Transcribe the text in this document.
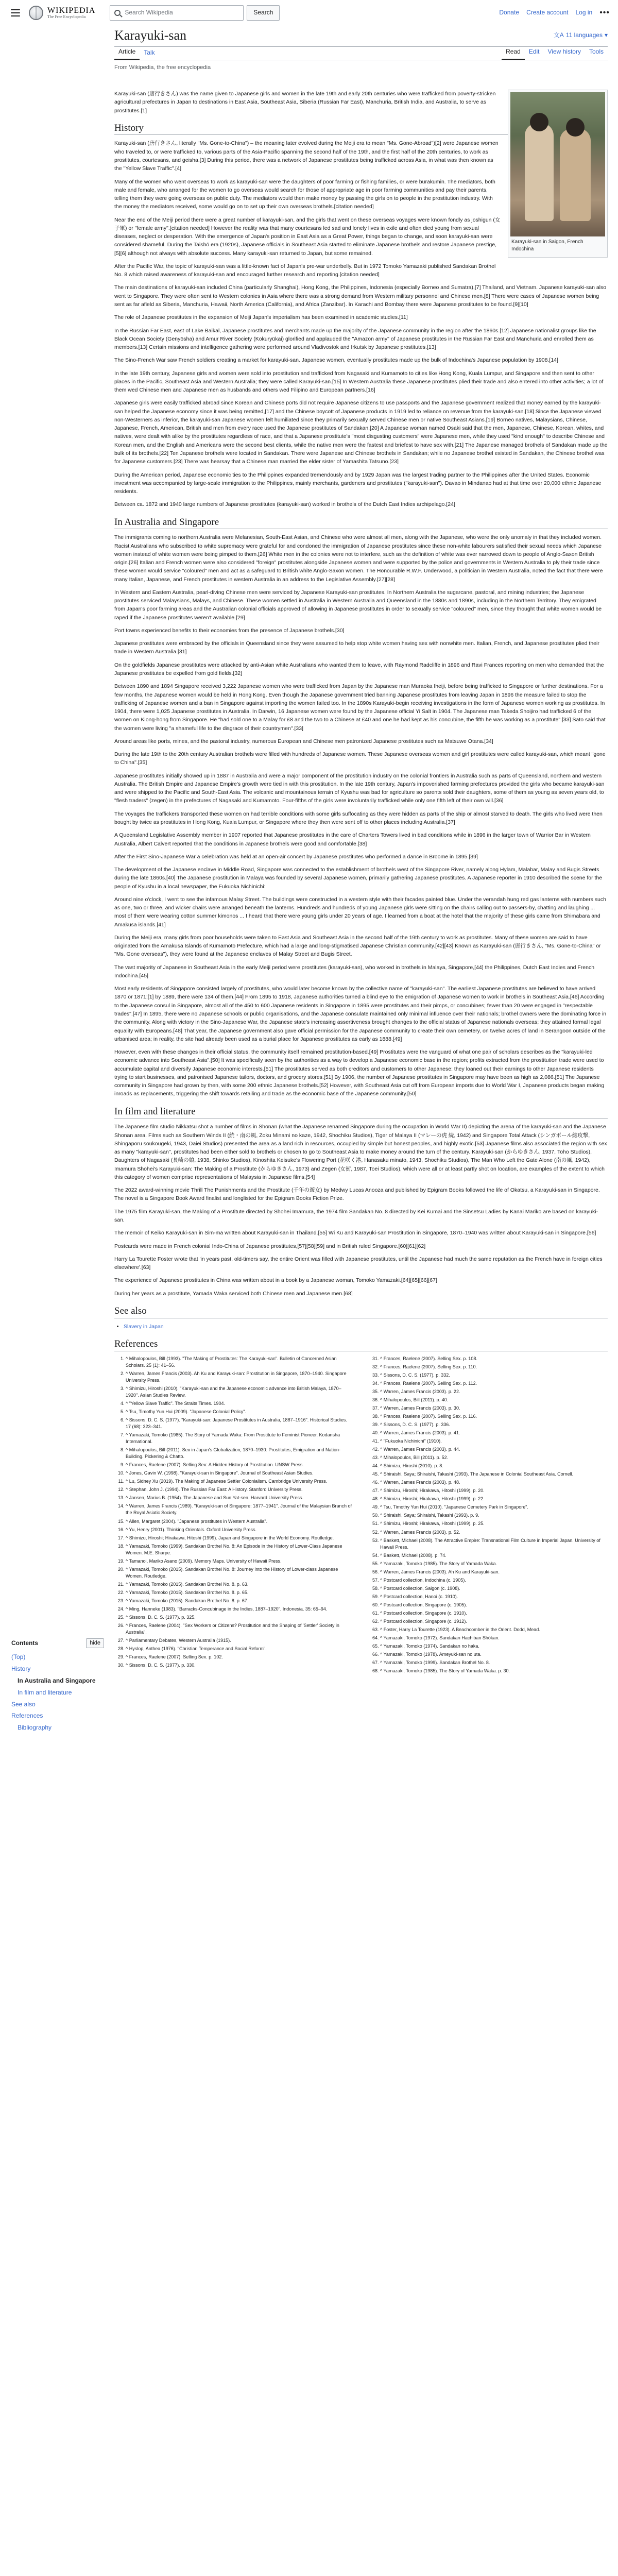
WIKIPEDIA
The Free Encyclopedia
Search Wikipedia	Search	Donate Create account Log in •••
Karayuki-san	文A 11 languages ▾
Article	Talk	Read	Edit	View history	Tools
From Wikipedia, the free encyclopedia
Contents	hide
(Top)
History
In Australia and Singapore
In film and literature
See also
References
Bibliography
Karayuki-san in Saigon, French Indochina

Karayuki-san (唐行きさん) was the name given to Japanese girls and women in the late 19th and early 20th centuries who were trafficked from poverty-stricken agricultural prefectures in Japan to destinations in East Asia, Southeast Asia, Siberia (Russian Far East), Manchuria, British India, and Australia, to serve as prostitutes.[1]

History

Karayuki-san (唐行きさん, literally "Ms. Gone-to-China") – the meaning later evolved during the Meiji era to mean "Ms. Gone-Abroad")[2] were Japanese women who traveled to, or were trafficked to, various parts of the Asia-Pacific spanning the second half of the 19th, and the first half of the 20th centuries, to work as prostitutes, courtesans, and geisha.[3] During this period, there was a network of Japanese prostitutes being trafficked across Asia, in what was then known as the "Yellow Slave Traffic".[4]

Many of the women who went overseas to work as karayuki-san were the daughters of poor farming or fishing families, or were burakumin. The mediators, both male and female, who arranged for the women to go overseas would search for those of appropriate age in poor farming communities and pay their parents, telling them they were going overseas on public duty. The mediators would then make money by passing the girls on to people in the prostitution industry. With the money the mediators received, some would go on to set up their own overseas brothels.[citation needed]

Near the end of the Meiji period there were a great number of karayuki-san, and the girls that went on these overseas voyages were known fondly as joshigun (女子軍) or "female army".[citation needed] However the reality was that many courtesans led sad and lonely lives in exile and often died young from sexual diseases, neglect or desperation. With the emergence of Japan's position in East Asia as a Great Power, things began to change, and soon karayuki-san were considered shameful. During the Taishō era (1920s), Japanese officials in Southeast Asia started to eliminate Japanese brothels and restore Japanese prestige,[5][6] although not always with absolute success. Many karayuki-san returned to Japan, but some remained.

After the Pacific War, the topic of karayuki-san was a little-known fact of Japan's pre-war underbelly. But in 1972 Tomoko Yamazaki published Sandakan Brothel No. 8 which raised awareness of karayuki-san and encouraged further research and reporting.[citation needed]

The main destinations of karayuki-san included China (particularly Shanghai), Hong Kong, the Philippines, Indonesia (especially Borneo and Sumatra),[7] Thailand, and Vietnam. Japanese karayuki-san also went to Singapore. They were often sent to Western colonies in Asia where there was a strong demand from Western military personnel and Chinese men.[8] There were cases of Japanese women being sent as far afield as Siberia, Manchuria, Hawaii, North America (California), and Africa (Zanzibar). In Karachi and Bombay there were Japanese prostitutes to be found.[9][10]

The role of Japanese prostitutes in the expansion of Meiji Japan's imperialism has been examined in academic studies.[11]

In the Russian Far East, east of Lake Baikal, Japanese prostitutes and merchants made up the majority of the Japanese community in the region after the 1860s.[12] Japanese nationalist groups like the Black Ocean Society (Genyōsha) and Amur River Society (Kokuryūkai) glorified and applauded the "Amazon army" of Japanese prostitutes in the Russian Far East and Manchuria and enrolled them as members.[13] Certain missions and intelligence gathering were performed around Vladivostok and Irkutsk by Japanese prostitutes.[13]

The Sino-French War saw French soldiers creating a market for karayuki-san. Japanese women, eventually prostitutes made up the bulk of Indochina's Japanese population by 1908.[14]

In the late 19th century, Japanese girls and women were sold into prostitution and trafficked from Nagasaki and Kumamoto to cities like Hong Kong, Kuala Lumpur, and Singapore and then sent to other places in the Pacific, Southeast Asia and Western Australia; they were called Karayuki-san.[15] In Western Australia these Japanese prostitutes plied their trade and also entered into other activities; a lot of them wed Chinese men and Japanese men as husbands and others wed Filipino and European partners.[16]

Japanese girls were easily trafficked abroad since Korean and Chinese ports did not require Japanese citizens to use passports and the Japanese government realized that money earned by the karayuki-san helped the Japanese economy since it was being remitted,[17] and the Chinese boycott of Japanese products in 1919 led to reliance on revenue from the karayuki-san.[18] Since the Japanese viewed non-Westerners as inferior, the karayuki-san Japanese women felt humiliated since they primarily sexually served Chinese men or native Southeast Asians.[19] Borneo natives, Malaysians, Chinese, Japanese, French, American, British and men from every race used the Japanese prostitutes of Sandakan.[20] A Japanese woman named Osaki said that the men, Japanese, Chinese, Korean, whites, and natives, were dealt with alike by the prostitutes regardless of race, and that a Japanese prostitute's "most disgusting customers" were Japanese men, while they used "kind enough" to describe Chinese and Korean men, and the English and Americans were the second best clients, while the native men were the fastest and briefest to have sex with.[21] The Japanese managed brothels of Sandakan made up the bulk of its brothels.[22] Ten Japanese brothels were located in Sandakan. There were Japanese and Chinese brothels in Sandakan; while no Japanese brothel existed in Sandakan, the Chinese brothel was for Japanese customers.[23] There was hearsay that a Chinese man married the elder sister of Yamashita Tatsuno.[23]

During the American period, Japanese economic ties to the Philippines expanded tremendously and by 1929 Japan was the largest trading partner to the Philippines after the United States. Economic investment was accompanied by large-scale immigration to the Philippines, mainly merchants, gardeners and prostitutes ("karayuki-san"). Davao in Mindanao had at that time over 20,000 ethnic Japanese residents.

Between ca. 1872 and 1940 large numbers of Japanese prostitutes (karayuki-san) worked in brothels of the Dutch East Indies archipelago.[24]

In Australia and Singapore

The immigrants coming to northern Australia were Melanesian, South-East Asian, and Chinese who were almost all men, along with the Japanese, who were the only anomaly in that they included women. Racist Australians who subscribed to white supremacy were grateful for and condoned the immigration of Japanese prostitutes since these non-white labourers satisfied their sexual needs which Japanese women instead of white women were being pimped to them.[26] White men in the colonies were not to interfere, such as the definition of white was ever narrowed down to people of Anglo-Saxon British origin.[26] Italian and French women were also considered "foreign" prostitutes alongside Japanese women and were supported by the police and governments in Western Australia to ply their trade since these women would service "coloured" men and act as a safeguard to British white Anglo-Saxon women. The Honourable R.W.F. Underwood, a politician in Western Australia, noted the fact that there were many Italian, Japanese, and French prostitutes in western Australia in an address to the Legislative Assembly.[27][28]

In Western and Eastern Australia, pearl-diving Chinese men were serviced by Japanese Karayuki-san prostitutes. In Northern Australia the sugarcane, pastoral, and mining industries; the Japanese prostitutes serviced Malaysians, Malays, and Chinese. These women settled in Australia in Western Australia and Queensland in the 1880s and 1890s, including in the Northern Territory. They emigrated from Japan's poor farming areas and the Australian colonial officials approved of allowing in Japanese prostitutes in order to sexually service "coloured" men, since they thought that white women would be raped if the Japanese prostitutes weren't available.[29]

Port towns experienced benefits to their economies from the presence of Japanese brothels.[30]

Japanese prostitutes were embraced by the officials in Queensland since they were assumed to help stop white women having sex with nonwhite men. Italian, French, and Japanese prostitutes plied their trade in Western Australia.[31]

On the goldfields Japanese prostitutes were attacked by anti-Asian white Australians who wanted them to leave, with Raymond Radcliffe in 1896 and Ravi Frances reporting on men who demanded that the Japanese prostitutes be expelled from gold fields.[32]

Between 1890 and 1894 Singapore received 3,222 Japanese women who were trafficked from Japan by the Japanese man Muraoka Iheiji, before being trafficked to Singapore or further destinations. For a few months, the Japanese women would be held in Hong Kong. Even though the Japanese government tried banning Japanese prostitutes from leaving Japan in 1896 the measure failed to stop the trafficking of Japanese women and a ban in Singapore against importing the women failed too. In the 1890s Karayuki-begin receiving investigations in the form of Japanese women working as prostitutes. In 1904, there were 1,025 Japanese prostitutes in Australia. In Darwin, 16 Japanese women were found by the Japanese official Yi Salt in 1904. The Japanese man Takeda Shoijiro had trafficked 6 of the women on Kiong-hong from Singapore. He "had sold one to a Malay for £8 and the two to a Chinese at £40 and one he had kept as his concubine, the fifth he was working as a prostitute".[33] Sato said that the women were living "a shameful life to the disgrace of their countrymen".[33]

Around areas like ports, mines, and the pastoral industry, numerous European and Chinese men patronized Japanese prostitutes such as Matsuwe Otana.[34]

During the late 19th to the 20th century Australian brothels were filled with hundreds of Japanese women. These Japanese overseas women and girl prostitutes were called karayuki-san, which meant "gone to China".[35]

Japanese prostitutes initially showed up in 1887 in Australia and were a major component of the prostitution industry on the colonial frontiers in Australia such as parts of Queensland, northern and western Australia. The British Empire and Japanese Empire's growth were tied in with this prostitution. In the late 19th century, Japan's impoverished farming prefectures provided the girls who became karayuki-san and were shipped to the Pacific and South-East Asia. The volcanic and mountainous terrain of Kyushu was bad for agriculture so parents sold their daughters, some of them as young as seven years old, to "flesh traders" (zegen) in the prefectures of Nagasaki and Kumamoto. Four-fifths of the girls were involuntarily trafficked while only one fifth left of their own will.[36]

The voyages the traffickers transported these women on had terrible conditions with some girls suffocating as they were hidden as parts of the ship or almost starved to death. The girls who lived were then bought by twice as prostitutes in Hong Kong, Kuala Lumpur, or Singapore where they then were sent off to other places including Australia.[37]

A Queensland Legislative Assembly member in 1907 reported that Japanese prostitutes in the care of Charters Towers lived in bad conditions while in 1896 in the larger town of Warrior Bar in Western Australia, Albert Calvert reported that the conditions in Japanese brothels were good and comfortable.[38]

After the First Sino-Japanese War a celebration was held at an open-air concert by Japanese prostitutes who performed a dance in Broome in 1895.[39]

The development of the Japanese enclave in Middle Road, Singapore was connected to the establishment of brothels west of the Singapore River, namely along Hylam, Malabar, Malay and Bugis Streets during the late 1860s.[40] The Japanese prostitution in Malaya was founded by several Japanese women, primarily gathering Japanese prostitutes. A Japanese reporter in 1910 described the scene for the people of Kyushu in a local newspaper, the Fukuoka Nichinichi:

Around nine o'clock, I went to see the infamous Malay Street. The buildings were constructed in a western style with their facades painted blue. Under the verandah hung red gas lanterns with numbers such as one, two or three, and wicker chairs were arranged beneath the lanterns. Hundreds and hundreds of young Japanese girls were sitting on the chairs calling out to passers-by, chatting and laughing ... most of them were wearing cotton summer kimonos ... I heard that there were young girls under 20 years of age. I learned from a boat at the hotel that the majority of these girls came from Shimabara and Amakusa islands.[41]

During the Meiji era, many girls from poor households were taken to East Asia and Southeast Asia in the second half of the 19th century to work as prostitutes. Many of these women are said to have originated from the Amakusa Islands of Kumamoto Prefecture, which had a large and long-stigmatised Japanese Christian community.[42][43] Known as Karayuki-san (唐行きさん, "Ms. Gone-to-China" or "Ms. Gone overseas"), they were found at the Japanese enclaves of Malay Street and Bugis Street.

The vast majority of Japanese in Southeast Asia in the early Meiji period were prostitutes (karayuki-san), who worked in brothels in Malaya, Singapore,[44] the Philippines, Dutch East Indies and French Indochina.[45]

Most early residents of Singapore consisted largely of prostitutes, who would later become known by the collective name of "karayuki-san". The earliest Japanese prostitutes are believed to have arrived 1870 or 1871;[1] by 1889, there were 134 of them.[44] From 1895 to 1918, Japanese authorities turned a blind eye to the emigration of Japanese women to work in brothels in Southeast Asia.[46] According to the Japanese consul in Singapore, almost all of the 450 to 600 Japanese residents in Singapore in 1895 were prostitutes and their pimps, or concubines; fewer than 20 were engaged in "respectable trades".[47] In 1895, there were no Japanese schools or public organisations, and the Japanese consulate maintained only minimal influence over their nationals; brothel owners were the dominating force in the community. Along with victory in the Sino-Japanese War, the Japanese state's increasing assertiveness brought changes to the official status of Japanese nationals overseas; they attained formal legal equality with Europeans.[48] That year, the Japanese government also gave official permission for the Japanese community to create their own cemetery, on twelve acres of land in Serangoon outside of the urbanised area; in reality, the site had already been used as a burial place for Japanese prostitutes as early as 1888.[49]

However, even with these changes in their official status, the community itself remained prostitution-based.[49] Prostitutes were the vanguard of what one pair of scholars describes as the "karayuki-led economic advance into Southeast Asia".[50] It was specifically seen by the authorities as a way to develop a Japanese economic base in the region; profits extracted from the prostitution trade were used to accumulate capital and diversify Japanese economic interests.[51] The prostitutes served as both creditors and customers to other Japanese: they loaned out their earnings to other Japanese residents trying to start businesses, and patronised Japanese tailors, doctors, and grocery stores.[51] By 1906, the number of Japanese prostitutes in Singapore may have been as high as 2,086.[51] The Japanese community in Singapore had grown by then, with some 200 ethnic Japanese brothels.[52] However, with Southeast Asia cut off from European imports due to World War I, Japanese products began making inroads as replacements, triggering the shift towards retailing and trade as the economic base of the Japanese community.[50]

In film and literature

The Japanese film studio Nikkatsu shot a number of films in Shonan (what the Japanese renamed Singapore during the occupation in World War II) depicting the arena of the karayuki-san and the Japanese Shonan area. Films such as Southern Winds II (続・南の風, Zoku Minami no kaze, 1942, Shochiku Studios), Tiger of Malaya II (マレーの虎 続, 1942) and Singapore Total Attack (シンガポール総攻撃, Shingaporu soukougeki, 1943, Daiei Studios) presented the area as a land rich in resources, occupied by simple but honest peoples, and highly exotic.[53] Japanese films also associated the region with sex as many "karayuki-san", prostitutes had been either sold to brothels or chosen to go to Southeast Asia to make money around the turn of the century. Karayuki-san (からゆきさん, 1937, Toho Studios), Daughters of Nagasaki (長崎の娘, 1938, Shinko Studios), Kinoshita Keisuke's Flowering Port (花咲く港, Hanasaku minato, 1943, Shochiku Studios), The Man Who Left the Gate Alone (南の風, 1942), Imamura Shohei's Karayuki-san: The Making of a Prostitute (からゆきさん, 1973) and Zegen (女衒, 1987, Toei Studios), which were all or at least partly shot on location, are examples of the extent to which this category of women comprise representations of Malaysia in Japanese films.[54]

The 2022 award-winning movie Thrill The Punishments and the Prostitute (千年の遊女) by Medwy Lucas Anooza and published by Epigram Books followed the life of Okatsu, a Karayuki-san in Singapore. The novel is a Singapore Book Award finalist and longlisted for the Epigram Books Fiction Prize.

The 1975 film Karayuki-san, the Making of a Prostitute directed by Shohei Imamura, the 1974 film Sandakan No. 8 directed by Kei Kumai and the Sinsetsu Ladies by Kanai Mariko are based on karayuki-san.

The memoir of Keiko Karayuki-san in Sim-ma written about Karayuki-san in Thailand.[55] Wi Ku and Karayuki-san Prostitution in Singapore, 1870–1940 was written about Karayuki-san in Singapore.[56]

Postcards were made in French colonial Indo-China of Japanese prostitutes,[57][58][59] and in British ruled Singapore.[60][61][62]

Harry La Tourette Foster wrote that 'in years past, old-timers say, the entire Orient was filled with Japanese prostitutes, until the Japanese had much the same reputation as the French have in foreign cities elsewhere'.[63]

The experience of Japanese prostitutes in China was written about in a book by a Japanese woman, Tomoko Yamazaki.[64][65][66][67]

During her years as a prostitute, Yamada Waka serviced both Chinese men and Japanese men.[68]

See also
• Slavery in Japan
References
1. ^ Mihalopoulos, Bill (1993). "The Making of Prostitutes: The Karayuki-san". Bulletin of Concerned Asian Scholars. 25 (1): 41–56.
2. ^ Warren, James Francis (2003). Ah Ku and Karayuki-san: Prostitution in Singapore, 1870–1940. Singapore University Press.
3. ^ Shimizu, Hiroshi (2010). "Karayuki-san and the Japanese economic advance into British Malaya, 1870–1920". Asian Studies Review.
4. ^ "Yellow Slave Traffic". The Straits Times. 1904.
5. ^ Tsu, Timothy Yun Hui (2009). "Japanese Colonial Policy".
6. ^ Sissons, D. C. S. (1977). "Karayuki-san: Japanese Prostitutes in Australia, 1887–1916". Historical Studies. 17 (68): 323–341.
7. ^ Yamazaki, Tomoko (1985). The Story of Yamada Waka: From Prostitute to Feminist Pioneer. Kodansha International.
8. ^ Mihalopoulos, Bill (2011). Sex in Japan's Globalization, 1870–1930: Prostitutes, Emigration and Nation-Building. Pickering & Chatto.
9. ^ Frances, Raelene (2007). Selling Sex: A Hidden History of Prostitution. UNSW Press.
10. ^ Jones, Gavin W. (1998). "Karayuki-san in Singapore". Journal of Southeast Asian Studies.
11. ^ Lu, Sidney Xu (2019). The Making of Japanese Settler Colonialism. Cambridge University Press.
12. ^ Stephan, John J. (1994). The Russian Far East: A History. Stanford University Press.
13. ^ Jansen, Marius B. (1954). The Japanese and Sun Yat-sen. Harvard University Press.
14. ^ Warren, James Francis (1989). "Karayuki-san of Singapore: 1877–1941". Journal of the Malaysian Branch of the Royal Asiatic Society.
15. ^ Allen, Margaret (2004). "Japanese prostitutes in Western Australia".
16. ^ Yu, Henry (2001). Thinking Orientals. Oxford University Press.
17. ^ Shimizu, Hiroshi; Hirakawa, Hitoshi (1999). Japan and Singapore in the World Economy. Routledge.
18. ^ Yamazaki, Tomoko (1999). Sandakan Brothel No. 8: An Episode in the History of Lower-Class Japanese Women. M.E. Sharpe.
19. ^ Tamanoi, Mariko Asano (2009). Memory Maps. University of Hawaii Press.
20. ^ Yamazaki, Tomoko (2015). Sandakan Brothel No. 8: Journey into the History of Lower-class Japanese Women. Routledge.
21. ^ Yamazaki, Tomoko (2015). Sandakan Brothel No. 8. p. 63.
22. ^ Yamazaki, Tomoko (2015). Sandakan Brothel No. 8. p. 65.
23. ^ Yamazaki, Tomoko (2015). Sandakan Brothel No. 8. p. 67.
24. ^ Ming, Hanneke (1983). "Barracks-Concubinage in the Indies, 1887–1920". Indonesia. 35: 65–94.
25. ^ Sissons, D. C. S. (1977). p. 325.
26. ^ Frances, Raelene (2004). "Sex Workers or Citizens? Prostitution and the Shaping of 'Settler' Society in Australia".
27. ^ Parliamentary Debates, Western Australia (1915).
28. ^ Hyslop, Anthea (1976). "Christian Temperance and Social Reform".
29. ^ Frances, Raelene (2007). Selling Sex. p. 102.
30. ^ Sissons, D. C. S. (1977). p. 330.
31. ^ Frances, Raelene (2007). Selling Sex. p. 108.
32. ^ Frances, Raelene (2007). Selling Sex. p. 110.
33. ^ Sissons, D. C. S. (1977). p. 332.
34. ^ Frances, Raelene (2007). Selling Sex. p. 112.
35. ^ Warren, James Francis (2003). p. 22.
36. ^ Mihalopoulos, Bill (2011). p. 40.
37. ^ Warren, James Francis (2003). p. 30.
38. ^ Frances, Raelene (2007). Selling Sex. p. 116.
39. ^ Sissons, D. C. S. (1977). p. 336.
40. ^ Warren, James Francis (2003). p. 41.
41. ^ "Fukuoka Nichinichi" (1910).
42. ^ Warren, James Francis (2003). p. 44.
43. ^ Mihalopoulos, Bill (2011). p. 52.
44. ^ Shimizu, Hiroshi (2010). p. 8.
45. ^ Shiraishi, Saya; Shiraishi, Takashi (1993). The Japanese in Colonial Southeast Asia. Cornell.
46. ^ Warren, James Francis (2003). p. 48.
47. ^ Shimizu, Hiroshi; Hirakawa, Hitoshi (1999). p. 20.
48. ^ Shimizu, Hiroshi; Hirakawa, Hitoshi (1999). p. 22.
49. ^ Tsu, Timothy Yun Hui (2010). "Japanese Cemetery Park in Singapore".
50. ^ Shiraishi, Saya; Shiraishi, Takashi (1993). p. 9.
51. ^ Shimizu, Hiroshi; Hirakawa, Hitoshi (1999). p. 25.
52. ^ Warren, James Francis (2003). p. 52.
53. ^ Baskett, Michael (2008). The Attractive Empire: Transnational Film Culture in Imperial Japan. University of Hawaii Press.
54. ^ Baskett, Michael (2008). p. 74.
55. ^ Yamazaki, Tomoko (1985). The Story of Yamada Waka.
56. ^ Warren, James Francis (2003). Ah Ku and Karayuki-san.
57. ^ Postcard collection, Indochina (c. 1905).
58. ^ Postcard collection, Saigon (c. 1908).
59. ^ Postcard collection, Hanoi (c. 1910).
60. ^ Postcard collection, Singapore (c. 1905).
61. ^ Postcard collection, Singapore (c. 1910).
62. ^ Postcard collection, Singapore (c. 1912).
63. ^ Foster, Harry La Tourette (1923). A Beachcomber in the Orient. Dodd, Mead.
64. ^ Yamazaki, Tomoko (1972). Sandakan Hachiban Shōkan.
65. ^ Yamazaki, Tomoko (1974). Sandakan no haka.
66. ^ Yamazaki, Tomoko (1978). Ameyuki-san no uta.
67. ^ Yamazaki, Tomoko (1999). Sandakan Brothel No. 8.
68. ^ Yamazaki, Tomoko (1985). The Story of Yamada Waka. p. 30.
